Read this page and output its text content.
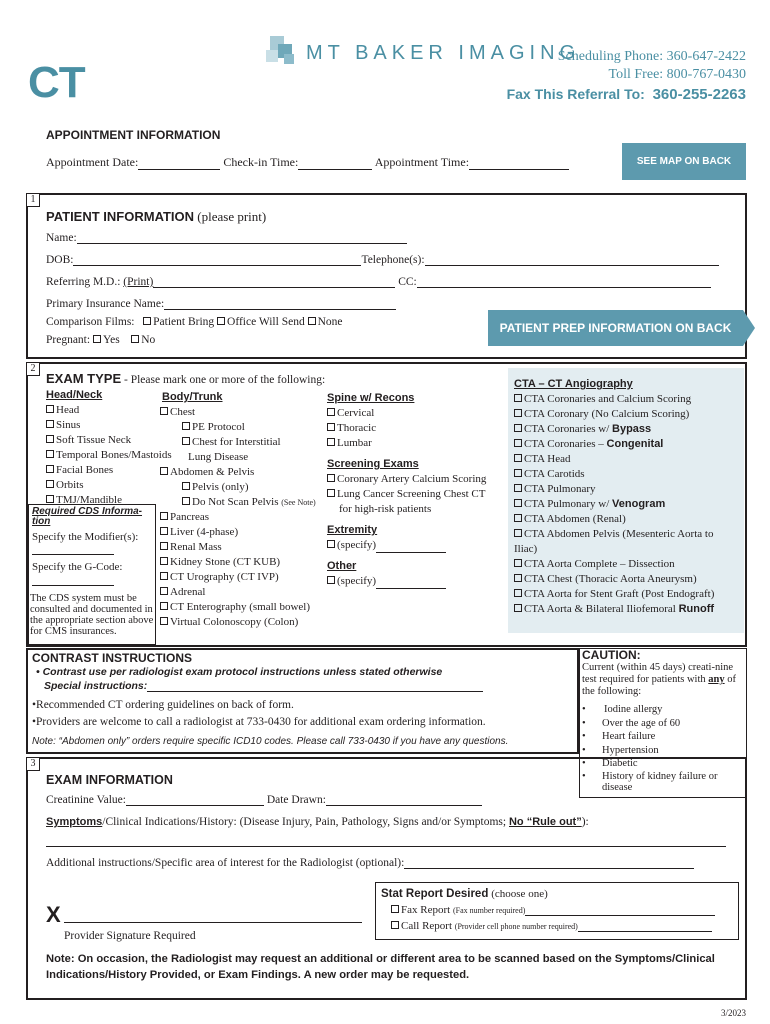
CT
MT BAKER IMAGING
Scheduling Phone: 360-647-2422
Toll Free: 800-767-0430
Fax This Referral To: 360-255-2263
APPOINTMENT INFORMATION
Appointment Date:	Check-in Time:	Appointment Time:	SEE MAP ON BACK
1
PATIENT INFORMATION (please print)
Name:
DOB:	Telephone(s):
Referring M.D.: (Print)	CC:
Primary Insurance Name:
Comparison Films: Patient Bring Office Will Send None
Pregnant: Yes No
PATIENT PREP INFORMATION ON BACK
2
EXAM TYPE - Please mark one or more of the following:
Head/Neck
Head
Sinus
Soft Tissue Neck
Temporal Bones/Mastoids
Facial Bones
Orbits
TMJ/Mandible
Required CDS Informa-tion
Specify the Modifier(s):
Specify the G-Code:
The CDS system must be consulted and documented in the appropriate section above for CMS insurances.
Body/Trunk
Chest
PE Protocol
Chest for Interstitial
Lung Disease
Abdomen & Pelvis
Pelvis (only)
Do Not Scan Pelvis (See Note)
Pancreas
Liver (4-phase)
Renal Mass
Kidney Stone (CT KUB)
CT Urography (CT IVP)
Adrenal
CT Enterography (small bowel)
Virtual Colonoscopy (Colon)
Spine w/ Recons
Cervical
Thoracic
Lumbar
Screening Exams
Coronary Artery Calcium Scoring
Lung Cancer Screening Chest CT
for high-risk patients
Extremity
(specify)
Other
(specify)
CTA – CT Angiography
CTA Coronaries and Calcium Scoring
CTA Coronary (No Calcium Scoring)
CTA Coronaries w/ Bypass
CTA Coronaries – Congenital
CTA Head
CTA Carotids
CTA Pulmonary
CTA Pulmonary w/ Venogram
CTA Abdomen (Renal)
CTA Abdomen Pelvis (Mesenteric Aorta to
Iliac)
CTA Aorta Complete – Dissection
CTA Chest (Thoracic Aorta Aneurysm)
CTA Aorta for Stent Graft (Post Endograft)
CTA Aorta & Bilateral Iliofemoral Runoff
CONTRAST INSTRUCTIONS
• Contrast use per radiologist exam protocol instructions unless stated otherwise
Special instructions:
•Recommended CT ordering guidelines on back of form.
•Providers are welcome to call a radiologist at 733-0430 for additional exam ordering information.
Note: “Abdomen only” orders require specific ICD10 codes. Please call 733-0430 if you have any questions.
CAUTION:
Current (within 45 days) creati-nine test required for patients with any of the following:
•	Iodine allergy
•	Over the age of 60
•	Heart failure
•	Hypertension
•	Diabetic
•	History of kidney failure or disease
3
EXAM INFORMATION
Creatinine Value:	Date Drawn:
Symptoms/Clinical Indications/History: (Disease Injury, Pain, Pathology, Signs and/or Symptoms; No “Rule out”):
Additional instructions/Specific area of interest for the Radiologist (optional):
X
Provider Signature Required
Stat Report Desired (choose one)
Fax Report (Fax number required)
Call Report (Provider cell phone number required)
Note: On occasion, the Radiologist may request an additional or different area to be scanned based on the Symptoms/Clinical Indications/History Provided, or Exam Findings. A new order may be requested.
3/2023
